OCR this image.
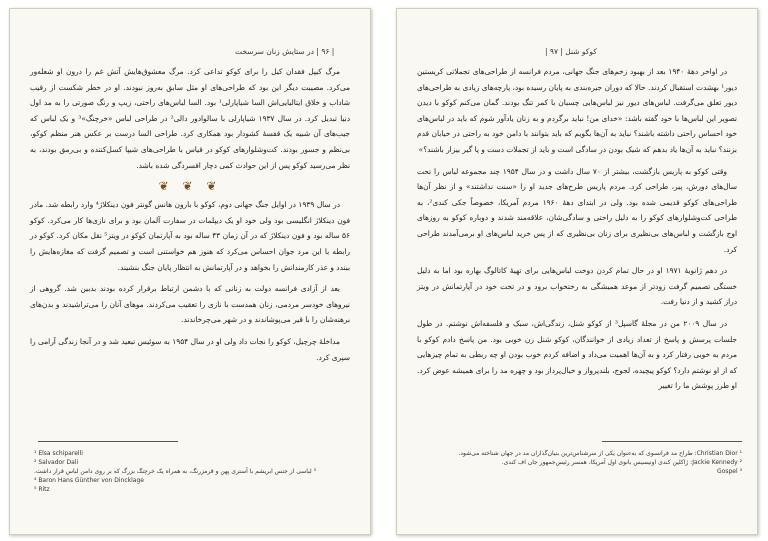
| ۹۶ | در ستایش زنان سرسخت

مرگ کیپل فقدان کیل را برای کوکو تداعی کرد. مرگ معشوق‌هایش آتش غم را درون او شعله‌ور می‌کرد. مصیبت دیگر این بود که طراحی‌های او مثل سابق به‌روز نبودند. او در خطر شکست از رقیب شاداب و خلاق ایتالیایی‌اش السا شیاپارلی¹ بود. السا لباس‌های راحتی، زیپ و رنگ صورتی را به مد اول دنیا تبدیل کرد. در سال ۱۹۳۷ شیاپارلی با سالوادور دالی² در طراحی لباس «خرچنگ»³ و یک لباس که جیب‌های آن شبیه یک قفسهٔ کشودار بود همکاری کرد. طراحی السا درست بر عکس هنر منظم کوکو، بی‌نظم و جسور بودند. کت‌وشلوارهای کوکو در قیاس با طراحی‌های شیپا کسل‌کننده و بی‌رمق بودند، به نظر می‌رسید کوکو پس از این حوادث کمی دچار افسردگی شده باشد.

❦ ❦ ❦

در سال ۱۹۳۹ در اوایل جنگ جهانی دوم، کوکو با بارون هانس گونتر فون دینکلاژ⁴ وارد رابطه شد. مادر فون دینکلاژ انگلیسی بود ولی خود او یک دیپلمات در سفارت آلمان بود و برای نازی‌ها کار می‌کرد. کوکو ۵۶ ساله بود و فون دینکلاژ که در آن زمان ۴۳ ساله بود به آپارتمان کوکو در ویتز⁵ نقل مکان کرد. کوکو در رابطه با این مرد جوان احساس می‌کرد که هنوز هم خواستنی است و تصمیم گرفت که مغازه‌هایش را ببندد و عذر کارمندانش را بخواهد و در آپارتمانش به انتظار پایان جنگ بنشیند.

بعد از آزادی فرانسه دولت به زنانی که با دشمن ارتباط برقرار کرده بودند بدبین شد. گروهی از نیروهای خودسر مردمی، زنان همدست با نازی را تعقیب می‌کردند. موهای آنان را می‌تراشیدند و بدن‌های برهنه‌شان را با قیر می‌پوشاندند و در شهر می‌چرخاندند.

مداخلهٔ چرچیل، کوکو را نجات داد ولی او در سال ۱۹۵۴ به سوئیس تبعید شد و در آنجا زندگی آرامی را سپری کرد.

¹ Elsa schiparelli
² Salvador Dali
³ لباسی از جنس ابریشم با آستری پهن و قرمز‌رنگ، به همراه یک خرچنگ بزرگ که بر روی دامن لباس قرار داشت.
⁴ Baron Hans Günther von Dincklage
⁵ Ritz
کوکو شنل | ۹۷ |

در اواخر دههٔ ۱۹۴۰ بعد از بهبود زخم‌های جنگ جهانی، مردم فرانسه از طراحی‌های تجملاتی کریستین دیور¹ بهشدت استقبال کردند. حالا که دوران جیره‌بندی به پایان رسیده بود، پارچه‌های زیادی به طراحی‌های دیور تعلق می‌گرفت. لباس‌های دیور نیز لباس‌هایی چسبان با کمر تنگ بودند. گمان می‌کنم کوکو با دیدن تصویر این لباس‌ها با خود گفته باشد: «خدای من! نباید برگردم و به زنان یادآور شوم که باید در لباس‌های خود احساس راحتی داشته باشند؟ نباید به آن‌ها بگویم که باید بتوانند با دامن خود به راحتی در خیابان قدم بزنند؟ نباید به آن‌ها یاد بدهم که شیک بودن در سادگی است و باید از تجملات دست و پا گیر بیزار باشند؟»

وقتی کوکو به پاریس بازگشت، بیشتر از ۷۰ سال داشت و در سال ۱۹۵۴ چند مجموعه لباس را تحت سال‌های دورش، پیر، طراحی کرد. مردم پاریس طرح‌های جدید او را «سنت نداشتند» و از نظر آن‌ها طراحی‌های کوکو قدیمی شده بود. ولی در ابتدای دههٔ ۱۹۶۰ مردم آمریکا، خصوصاً جکی کندی²، به طراحی کت‌وشلوارهای کوکو را به دلیل راحتی و سادگی‌شان، علاقه‌مند شدند و دوباره کوکو به روزهای اوج بازگشت و لباس‌های بی‌نظیری برای زنان بی‌نظیری که از پس خرید لباس‌های او برمی‌آمدند طراحی کرد.

در دهم ژانویهٔ ۱۹۷۱ او در حال تمام کردن دوخت لباس‌هایی برای تهیهٔ کاتالوگ بهاره بود اما به دلیل خستگی تصمیم گرفت زودتر از موعد همیشگی به رختخواب برود و در تخت خود در آپارتمانش در ویتز دراز کشید و از دنیا رفت.

در سال ۲۰۰۹ من در مجلهٔ گاسپل³ از کوکو شنل، زندگی‌اش، سبک و فلسفه‌اش نوشتم. در طول جلسات پرسش و پاسخ از تعداد زیادی از خوانندگان، کوکو شنل زن خوبی بود. من پاسخ دادم کوکو با مردم به خوبی رفتار کرد و به آن‌ها اهمیت می‌داد و اضافه کردم خوب بودن او چه ربطی به تمام چیزهایی که از او نوشتم دارد؟ کوکو پیچیده، لجوج، بلندپرواز و خیال‌پرداز بود و چهره مد را برای همیشه عوض کرد. او طرز پوشش ما را تغییر

¹ Christian Dior: طراح مد فرانسوی که به‌عنوان یکی از سرشناس‌ترین بنیان‌گذاران مد در جهان شناخته می‌شود.
² Jackie Kennedy: ژاکلین کندی اونیسیس بانوی اول آمریکا، همسر رئیس‌جمهور جان اف کندی.
³ Gospel
